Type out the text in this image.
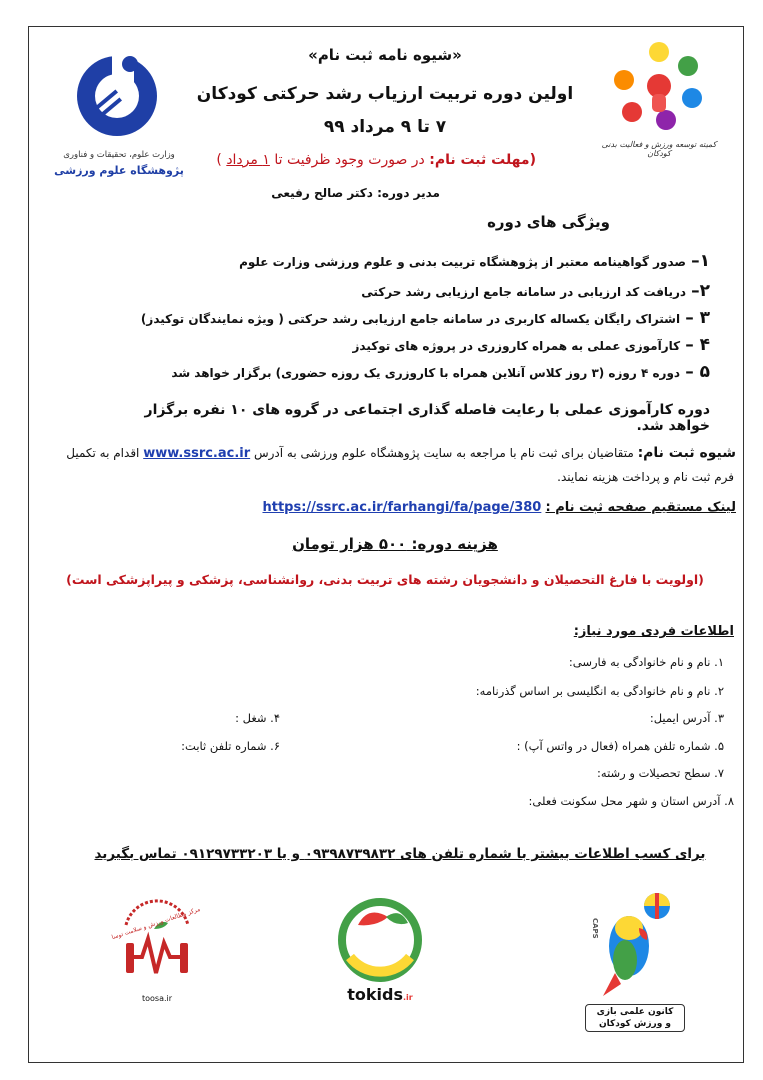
وزارت علوم، تحقیقات و فناوری
پژوهشگاه علوم ورزشی
کمیته توسعه ورزش و فعالیت بدنی کودکان
«شیوه نامه ثبت نام»
اولین دوره تربیت ارزیاب رشد حرکتی کودکان
۷ تا ۹ مرداد ۹۹
(مهلت ثبت نام: در صورت وجود ظرفیت تا ۱ مرداد )
مدیر دوره: دکتر صالح رفیعی
ویژگی های دوره
۱– صدور گواهینامه معتبر از پژوهشگاه تربیت بدنی و علوم ورزشی وزارت علوم
۲– دریافت کد ارزیابی در سامانه جامع ارزیابی رشد حرکتی
۳ – اشتراک رایگان یکساله کاربری در سامانه جامع ارزیابی رشد حرکتی ( ویژه نمایندگان توکیدز)
۴ – کارآموزی عملی به همراه کاروزری در پروژه های توکیدز
۵ – دوره ۴ روزه (۳ روز کلاس آنلاین همراه با کاروزری یک روزه حضوری) برگزار خواهد شد
دوره کارآموزی عملی با رعایت فاصله گذاری اجتماعی در گروه های ۱۰ نفره برگزار خواهد شد.
شیوه ثبت نام: متقاضیان برای ثبت نام با مراجعه به سایت پژوهشگاه علوم ورزشی به آدرس www.ssrc.ac.ir اقدام به تکمیل
فرم ثبت نام و پرداخت هزینه نمایند.
لینک مستقیم صفحه ثبت نام : https://ssrc.ac.ir/farhangi/fa/page/380
هزینه دوره: ۵۰۰ هزار تومان
(اولویت با فارغ التحصیلان و دانشجویان رشته های تربیت بدنی، روانشناسی، پزشکی و پیراپزشکی است)
اطلاعات فردی مورد نیاز:
۱. نام و نام خانوادگی به فارسی:
۲. نام و نام خانوادگی به انگلیسی بر اساس گذرنامه:
۳. آدرس ایمیل:
۴. شغل :
۵. شماره تلفن همراه (فعال در واتس آپ) :
۶. شماره تلفن ثابت:
۷. سطح تحصیلات و رشته:
۸. آدرس استان و شهر محل سکونت فعلی:
برای کسب اطلاعات بیشتر با شماره تلفن های ۰۹۳۹۸۷۳۹۸۳۲ و یا ۰۹۱۲۹۷۳۳۲۰۳ تماس بگیرید
مرکز مطالعات ورزش و سلامت توسا
toosa.ir	tokids.ir
CAPS
کانون علمی بازی
و ورزش کودکان
